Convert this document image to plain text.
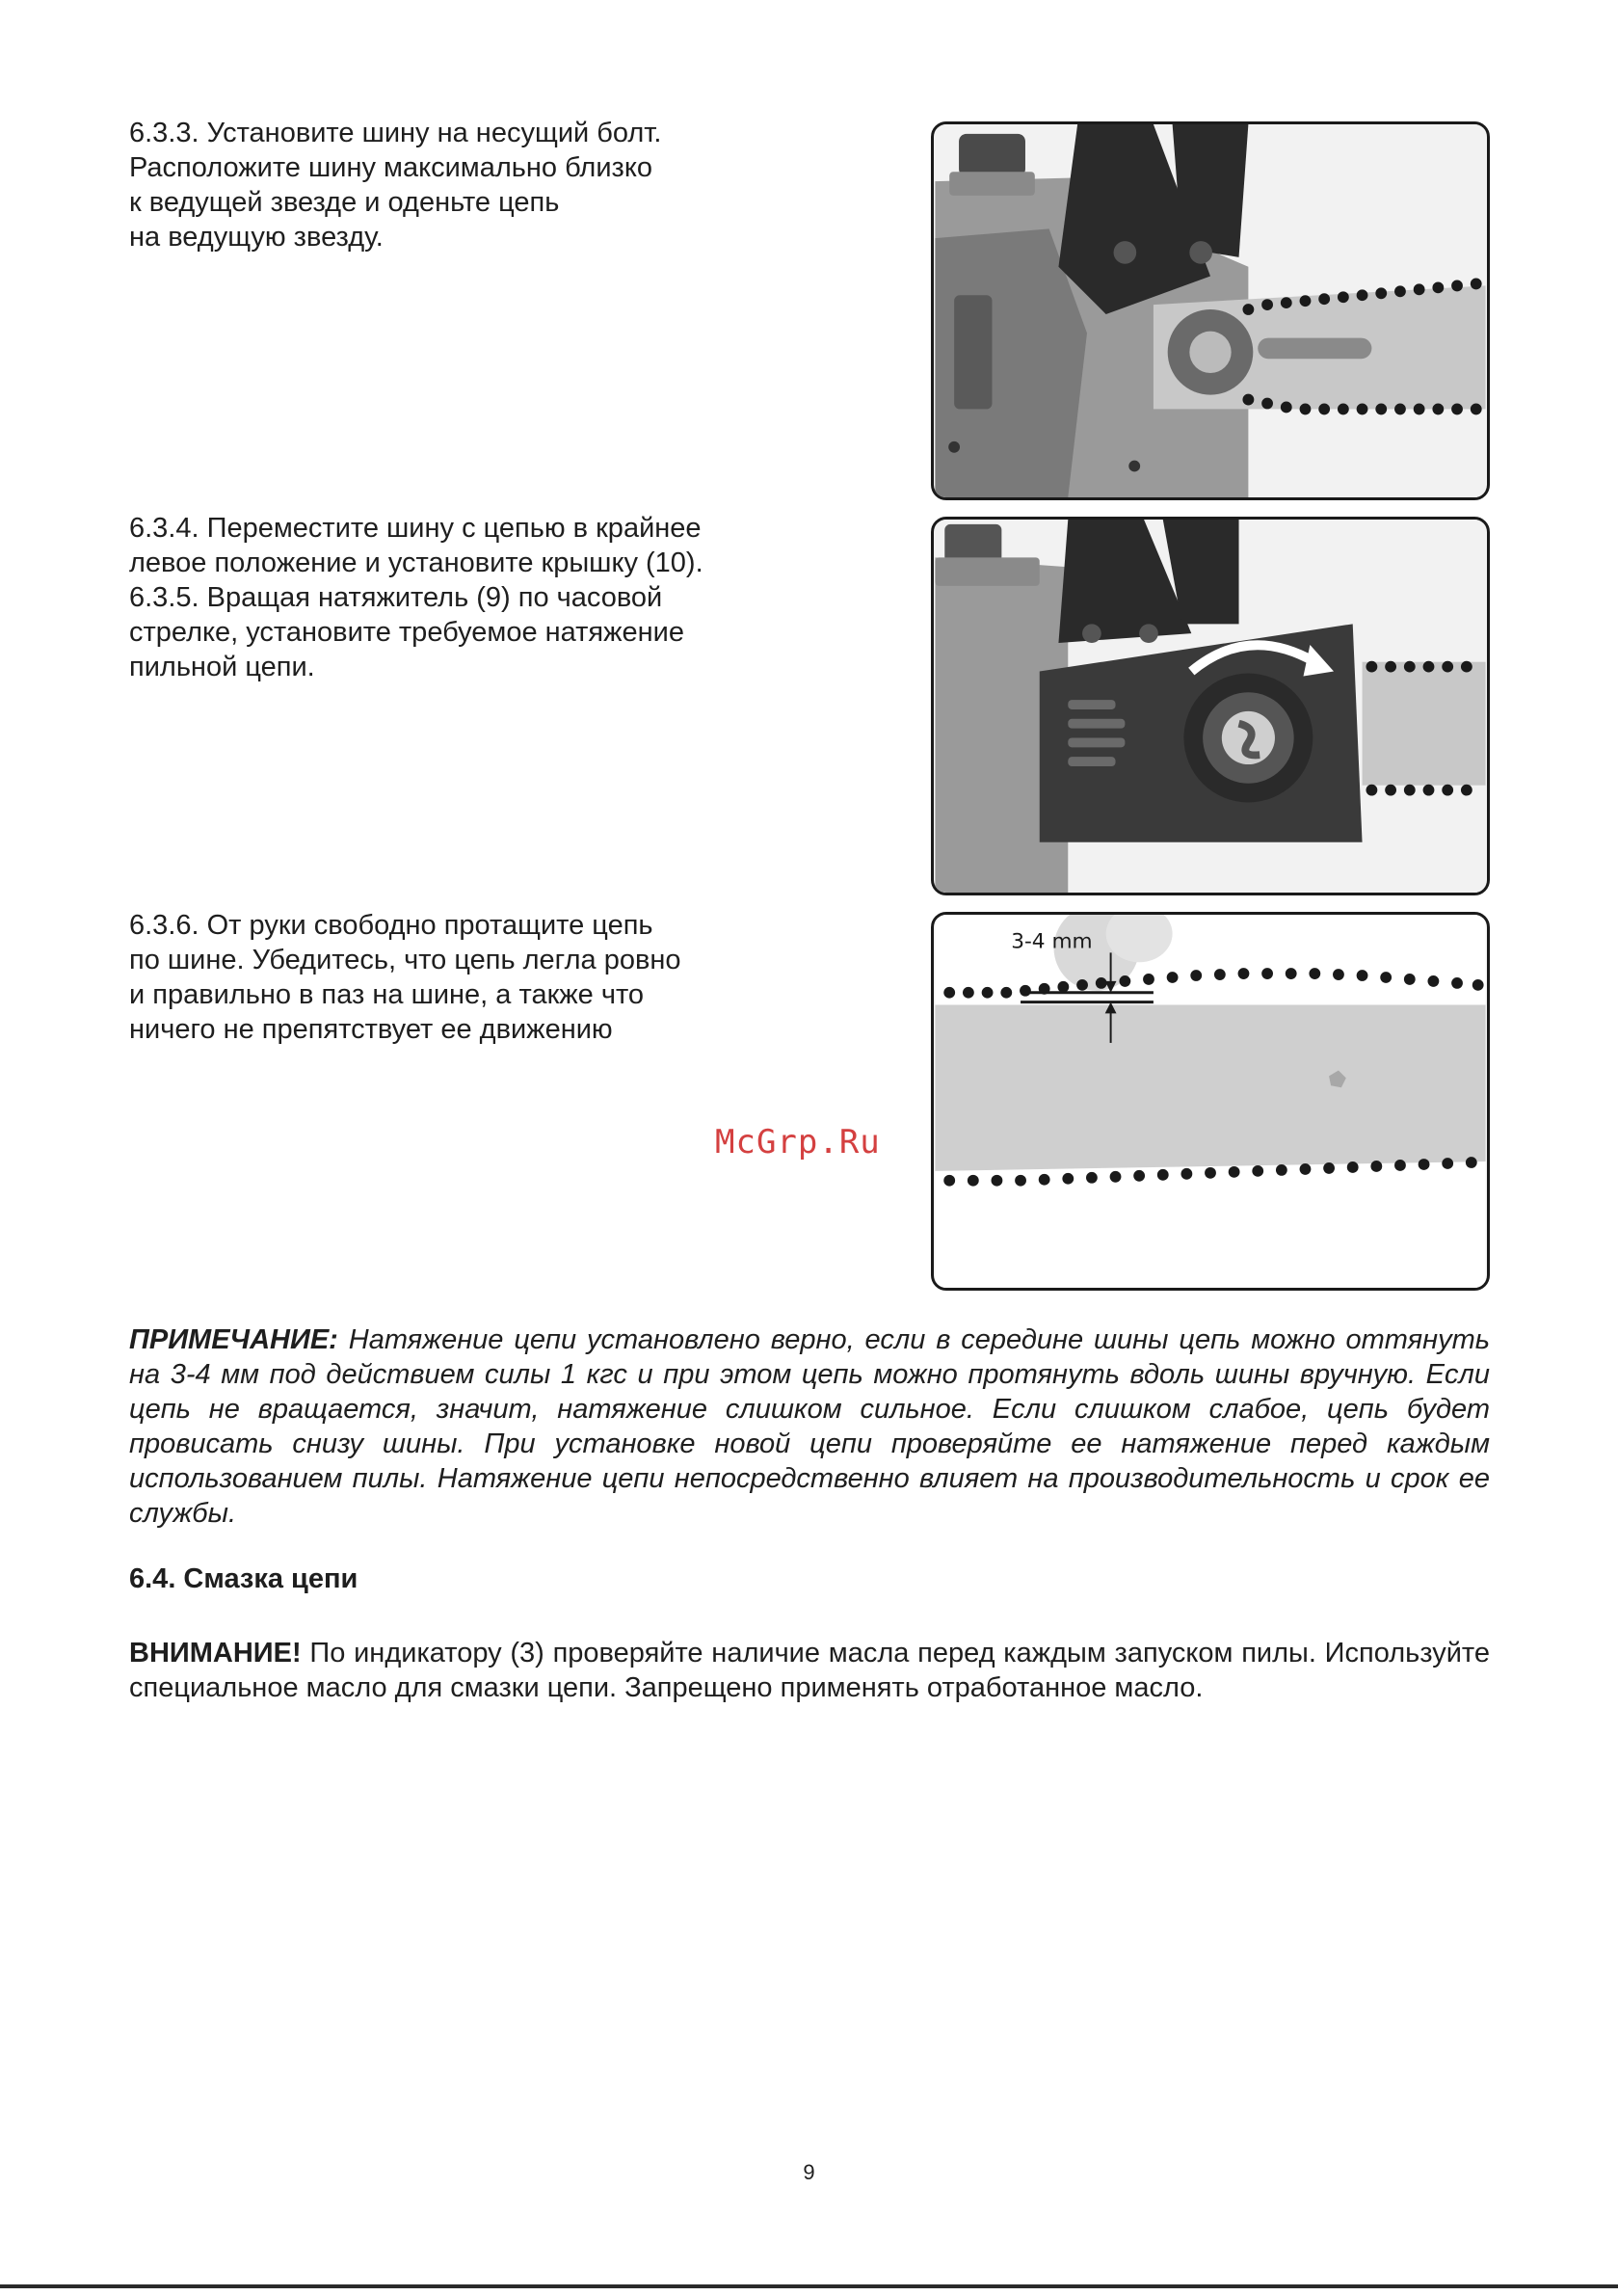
6.3.3. Установите шину на несущий болт.
Расположите шину максимально близко
к ведущей звезде и оденьте цепь
на ведущую звезду.

6.3.4. Переместите шину с цепью в крайнее
левое положение и установите крышку (10).
6.3.5. Вращая натяжитель (9) по часовой
стрелке, установите требуемое натяжение
пильной цепи.

6.3.6. От руки свободно протащите цепь
по шине. Убедитесь, что цепь легла ровно
и правильно в паз на шине, а также что
ничего не препятствует ее движению

3-4 mm
McGrp.Ru

ПРИМЕЧАНИЕ: Натяжение цепи установлено верно, если в середине шины цепь можно оттянуть на 3-4 мм под действием силы 1 кгс и при этом цепь можно протянуть вдоль шины вручную. Если цепь не вращается, значит, натяжение слишком сильное. Если слишком слабое, цепь будет провисать снизу шины. При установке новой цепи проверяйте ее натяжение перед каждым использованием пилы. Натяжение цепи непосредственно влияет на производительность и срок ее службы.

6.4. Смазка цепи

ВНИМАНИЕ! По индикатору (3) проверяйте наличие масла перед каждым запуском пилы. Используйте специальное масло для смазки цепи. Запрещено применять отработанное масло.

9
